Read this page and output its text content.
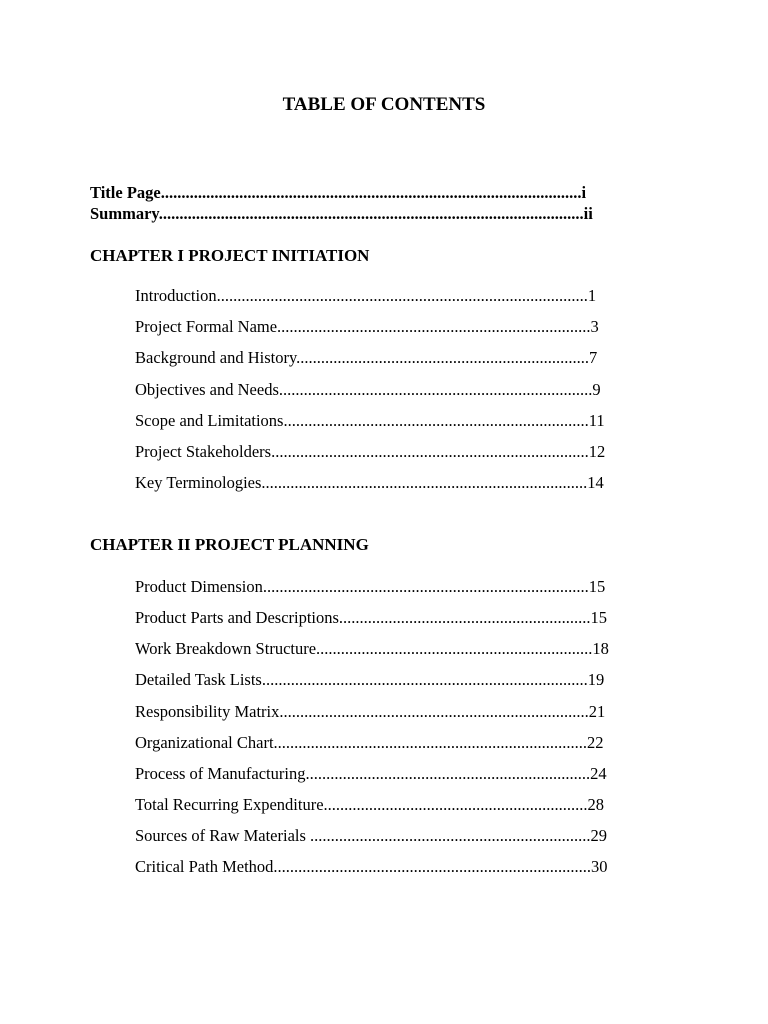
TABLE OF CONTENTS
Title Page......................................................................................................i
Summary.......................................................................................................ii
CHAPTER I PROJECT INITIATION
Introduction..........................................................................................1
Project Formal Name............................................................................3
Background and History.......................................................................7
Objectives and Needs............................................................................9
Scope and Limitations..........................................................................11
Project Stakeholders.............................................................................12
Key Terminologies...............................................................................14
CHAPTER II PROJECT PLANNING
Product Dimension...............................................................................15
Product Parts and Descriptions.............................................................15
Work Breakdown Structure...................................................................18
Detailed Task Lists...............................................................................19
Responsibility Matrix...........................................................................21
Organizational Chart............................................................................22
Process of Manufacturing.....................................................................24
Total Recurring Expenditure................................................................28
Sources of Raw Materials ....................................................................29
Critical Path Method.............................................................................30
